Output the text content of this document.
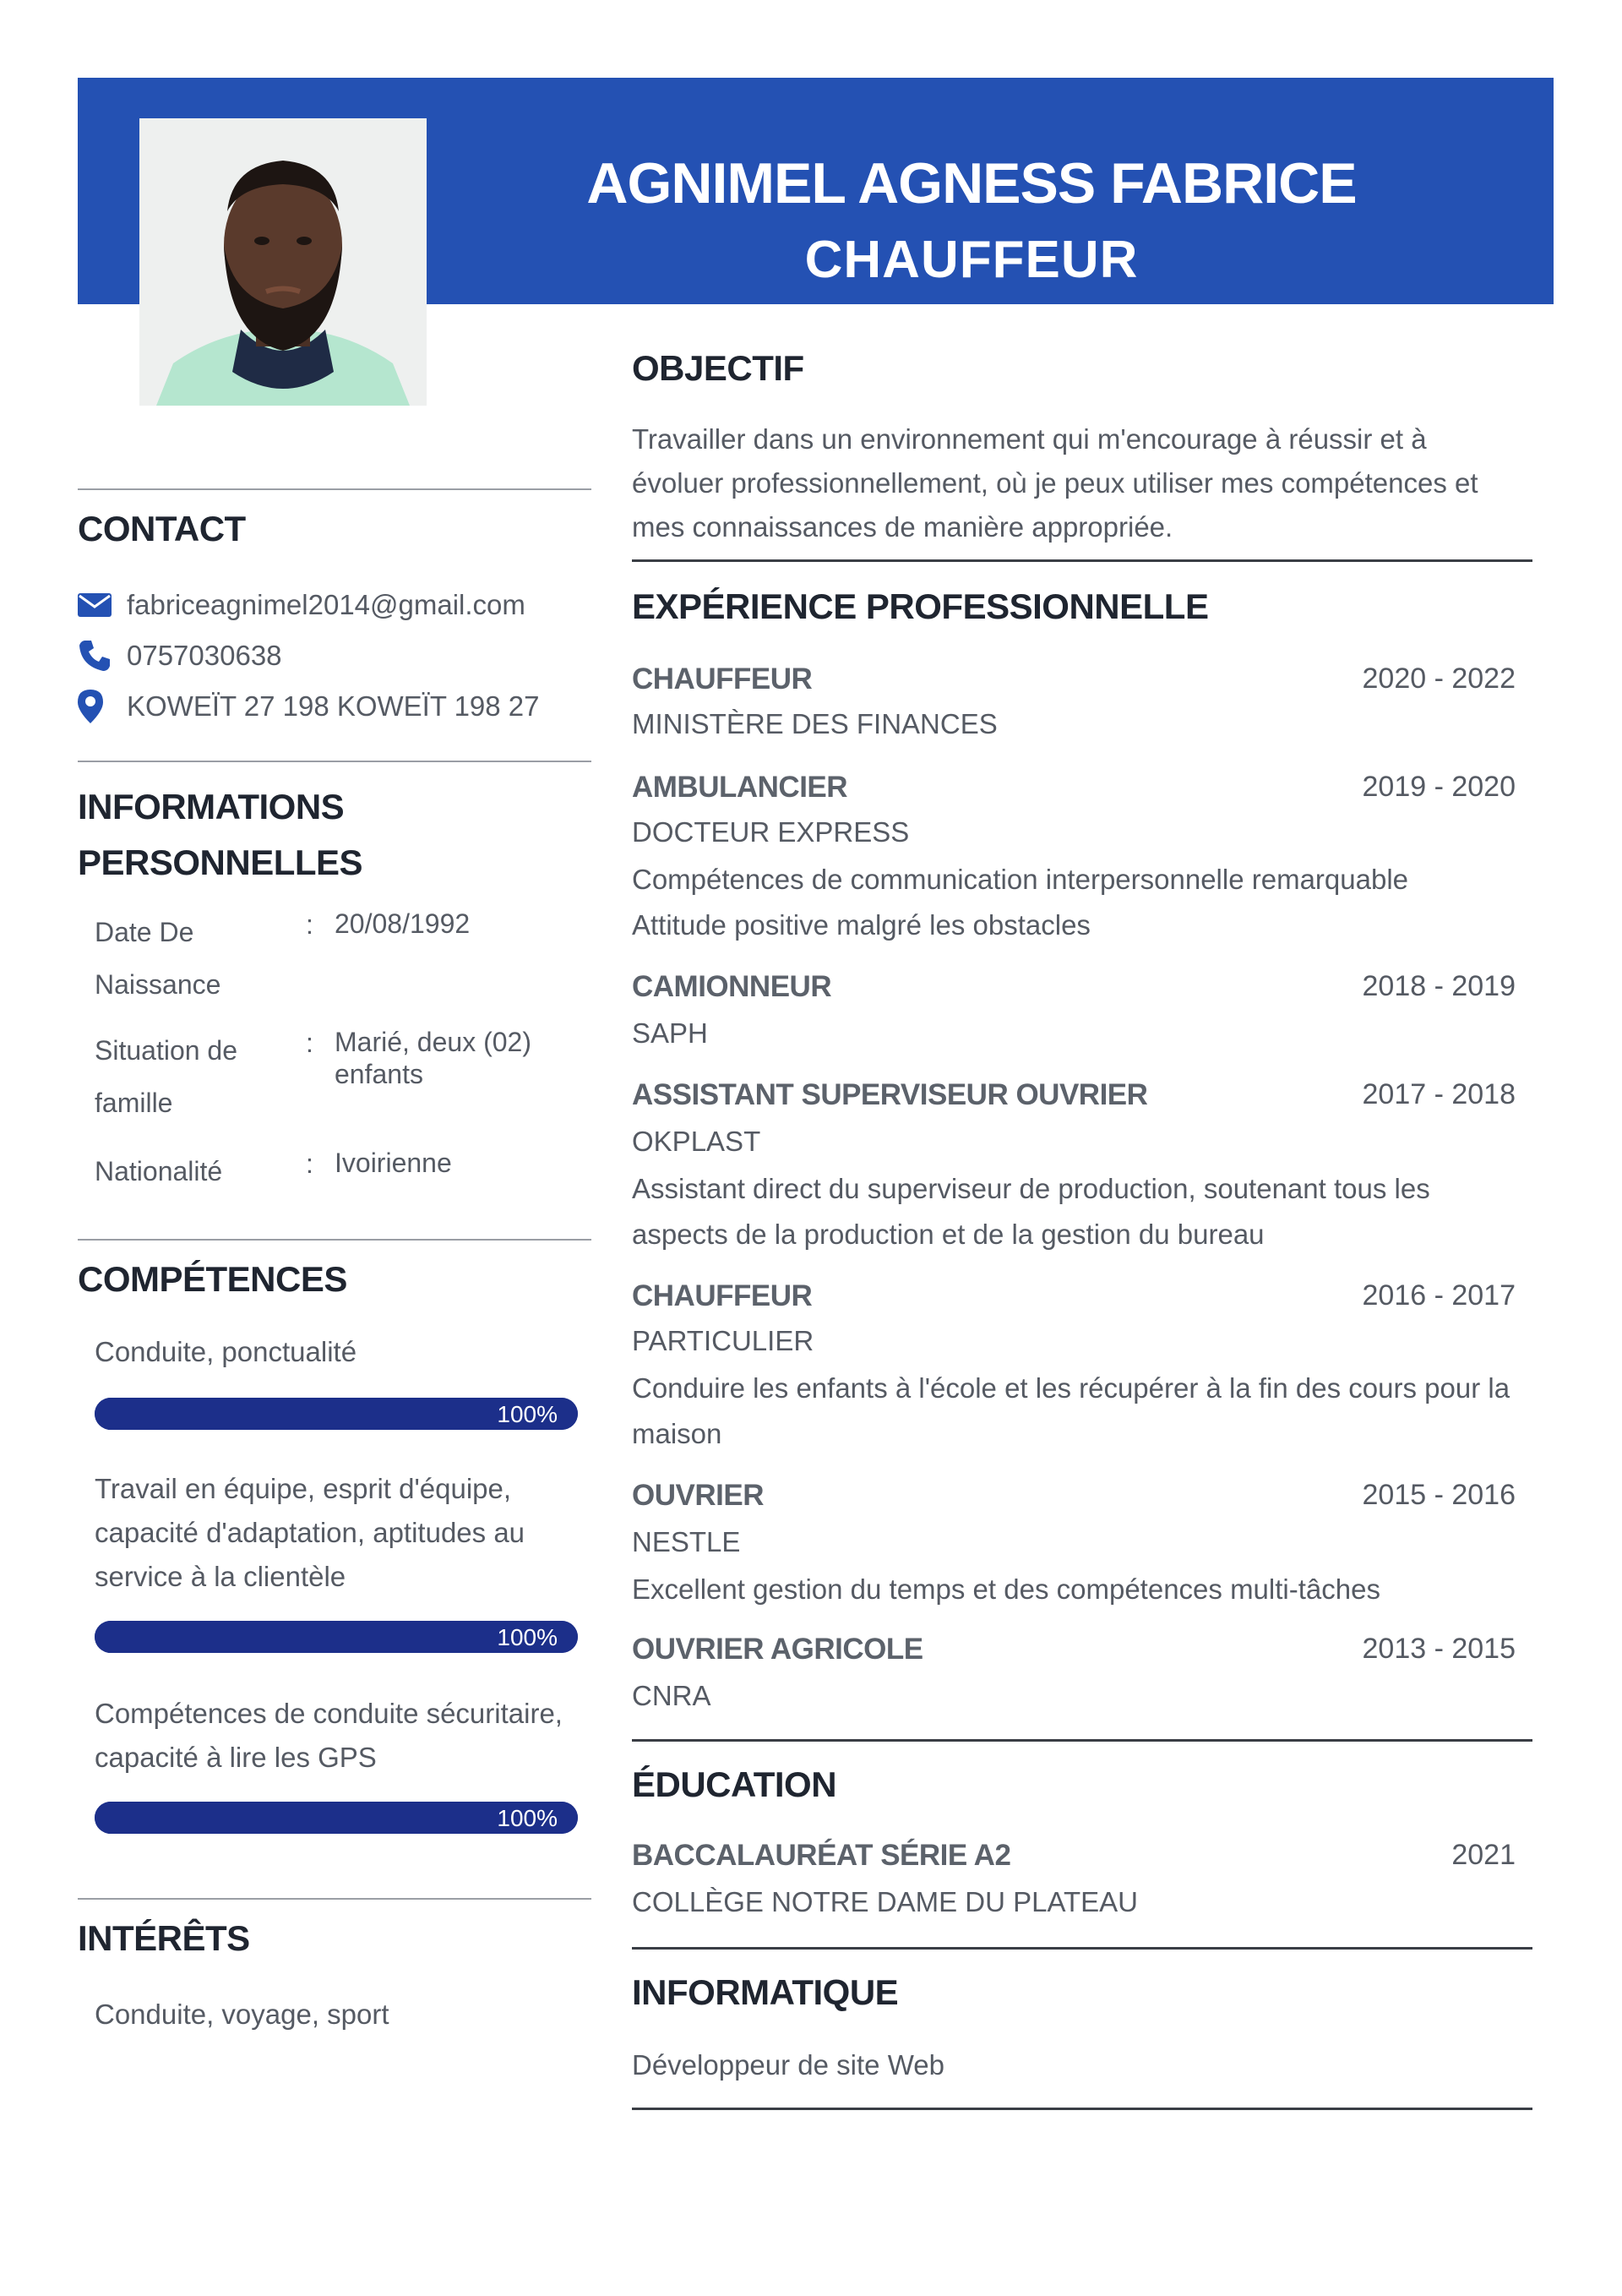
AGNIMEL AGNESS FABRICE
CHAUFFEUR
CONTACT
fabriceagnimel2014@gmail.com
0757030638
KOWEÏT 27 198 KOWEÏT 198 27
INFORMATIONS
PERSONNELLES
Date De
Naissance
: 20/08/1992
Situation de
famille
: Marié, deux (02)
enfants
Nationalité	: Ivoirienne
COMPÉTENCES
Conduite, ponctualité
100%
Travail en équipe, esprit d'équipe,
capacité d'adaptation, aptitudes au
service à la clientèle
100%
Compétences de conduite sécuritaire,
capacité à lire les GPS
100%
INTÉRÊTS
Conduite, voyage, sport
OBJECTIF
Travailler dans un environnement qui m'encourage à réussir et à
évoluer professionnellement, où je peux utiliser mes compétences et
mes connaissances de manière appropriée.
EXPÉRIENCE PROFESSIONNELLE
CHAUFFEUR	2020 - 2022
MINISTÈRE DES FINANCES
AMBULANCIER	2019 - 2020
DOCTEUR EXPRESS
Compétences de communication interpersonnelle remarquable
Attitude positive malgré les obstacles
CAMIONNEUR	2018 - 2019
SAPH
ASSISTANT SUPERVISEUR OUVRIER	2017 - 2018
OKPLAST
Assistant direct du superviseur de production, soutenant tous les
aspects de la production et de la gestion du bureau
CHAUFFEUR	2016 - 2017
PARTICULIER
Conduire les enfants à l'école et les récupérer à la fin des cours pour la
maison
OUVRIER	2015 - 2016
NESTLE
Excellent gestion du temps et des compétences multi-tâches
OUVRIER AGRICOLE	2013 - 2015
CNRA
ÉDUCATION
BACCALAURÉAT SÉRIE A2	2021
COLLÈGE NOTRE DAME DU PLATEAU
INFORMATIQUE
Développeur de site Web
